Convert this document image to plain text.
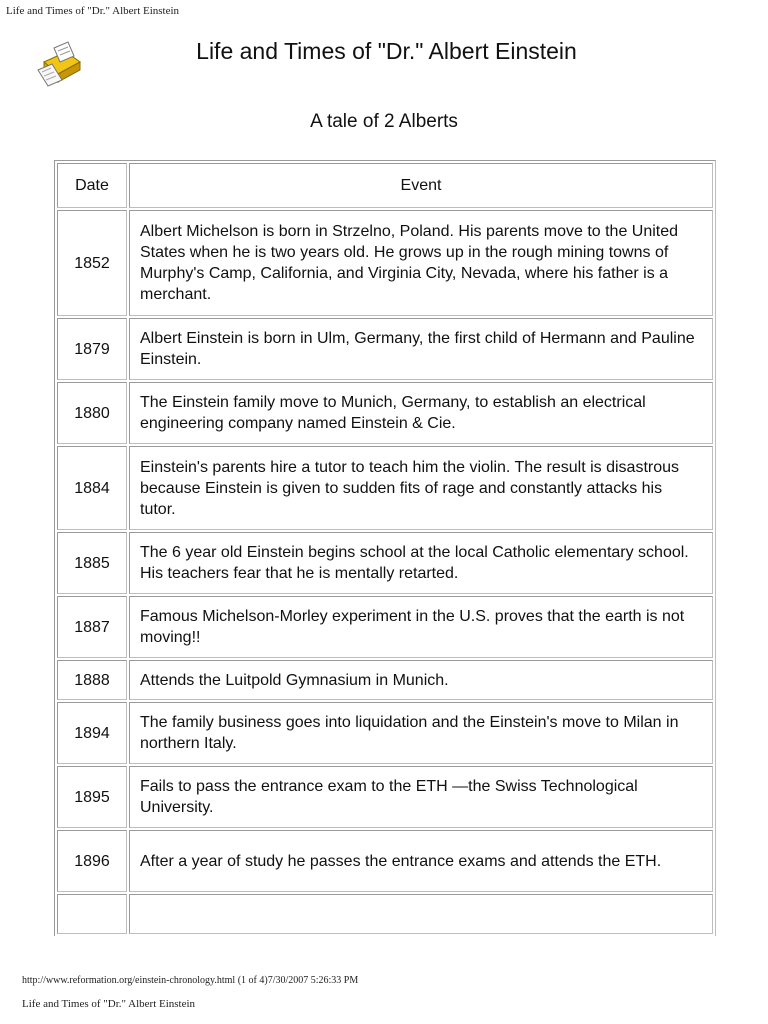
Life and Times of "Dr." Albert Einstein
Life and Times of "Dr." Albert Einstein
A tale of 2 Alberts
Date	Event
1852	Albert Michelson is born in Strzelno, Poland. His parents move to the United States when he is two years old. He grows up in the rough mining towns of Murphy's Camp, California, and Virginia City, Nevada, where his father is a merchant.
1879	Albert Einstein is born in Ulm, Germany, the first child of Hermann and Pauline Einstein.
1880	The Einstein family move to Munich, Germany, to establish an electrical engineering company named Einstein & Cie.
1884	Einstein's parents hire a tutor to teach him the violin. The result is disastrous because Einstein is given to sudden fits of rage and constantly attacks his tutor.
1885	The 6 year old Einstein begins school at the local Catholic elementary school. His teachers fear that he is mentally retarted.
1887	Famous Michelson-Morley experiment in the U.S. proves that the earth is not moving!!
1888	Attends the Luitpold Gymnasium in Munich.
1894	The family business goes into liquidation and the Einstein's move to Milan in northern Italy.
1895	Fails to pass the entrance exam to the ETH —the Swiss Technological University.
1896	After a year of study he passes the entrance exams and attends the ETH.

http://www.reformation.org/einstein-chronology.html (1 of 4)7/30/2007 5:26:33 PM
Life and Times of "Dr." Albert Einstein
